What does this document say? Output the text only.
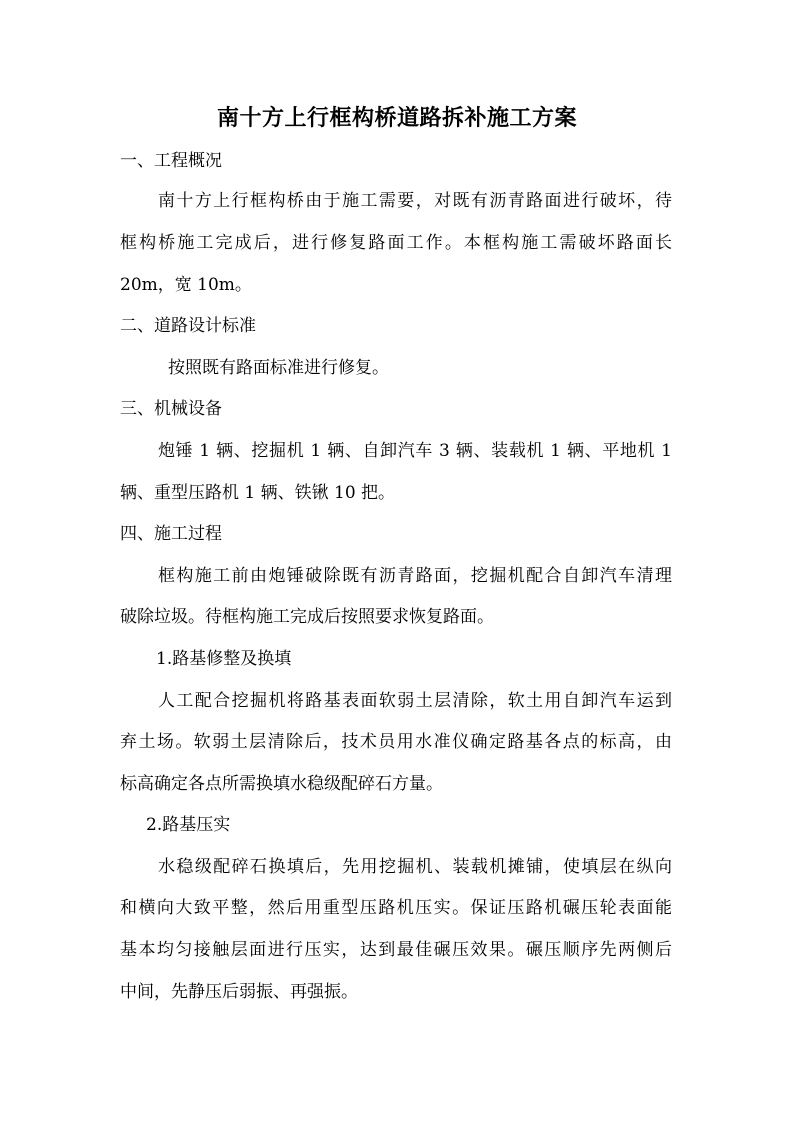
南十方上行框构桥道路拆补施工方案
一、工程概况
南十方上行框构桥由于施工需要，对既有沥青路面进行破坏，待
框构桥施工完成后，进行修复路面工作。本框构施工需破坏路面长
20m，宽 10m。
二、道路设计标准
按照既有路面标准进行修复。
三、机械设备
炮锤 1 辆、挖掘机 1 辆、自卸汽车 3 辆、装载机 1 辆、平地机 1
辆、重型压路机 1 辆、铁锹 10 把。
四、施工过程
框构施工前由炮锤破除既有沥青路面，挖掘机配合自卸汽车清理
破除垃圾。待框构施工完成后按照要求恢复路面。
1.路基修整及换填
人工配合挖掘机将路基表面软弱土层清除，软土用自卸汽车运到
弃土场。软弱土层清除后，技术员用水准仪确定路基各点的标高，由
标高确定各点所需换填水稳级配碎石方量。
2.路基压实
水稳级配碎石换填后，先用挖掘机、装载机摊铺，使填层在纵向
和横向大致平整，然后用重型压路机压实。保证压路机碾压轮表面能
基本均匀接触层面进行压实，达到最佳碾压效果。碾压顺序先两侧后
中间，先静压后弱振、再强振。
